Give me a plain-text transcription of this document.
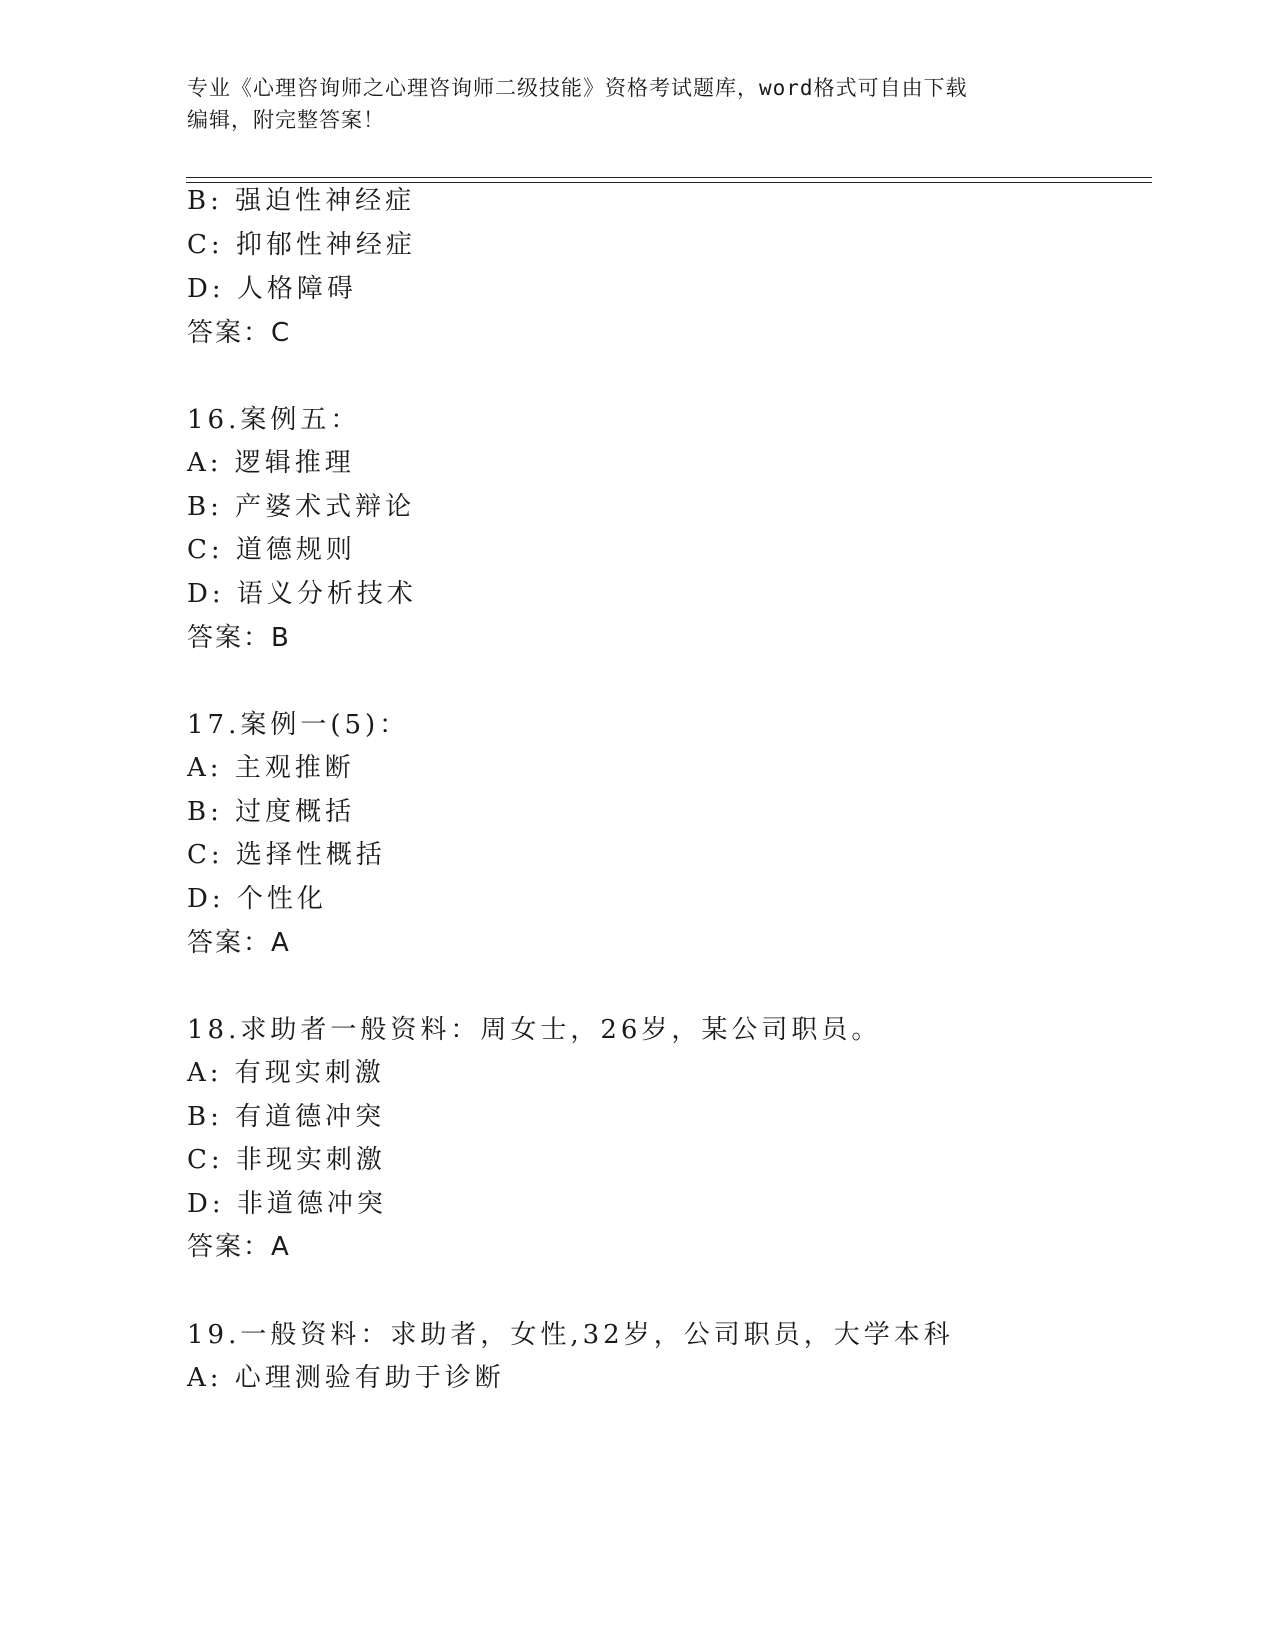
专业《心理咨询师之心理咨询师二级技能》资格考试题库，word格式可自由下载
编辑，附完整答案！
B: 强迫性神经症
C: 抑郁性神经症
D: 人格障碍
答案：C
16.案例五：
A: 逻辑推理
B: 产婆术式辩论
C: 道德规则
D: 语义分析技术
答案：B
17.案例一(5)：
A: 主观推断
B: 过度概括
C: 选择性概括
D: 个性化
答案：A
18.求助者一般资料：周女士，26岁，某公司职员。
A: 有现实刺激
B: 有道德冲突
C: 非现实刺激
D: 非道德冲突
答案：A
19.一般资料：求助者，女性,32岁，公司职员，大学本科
A: 心理测验有助于诊断
